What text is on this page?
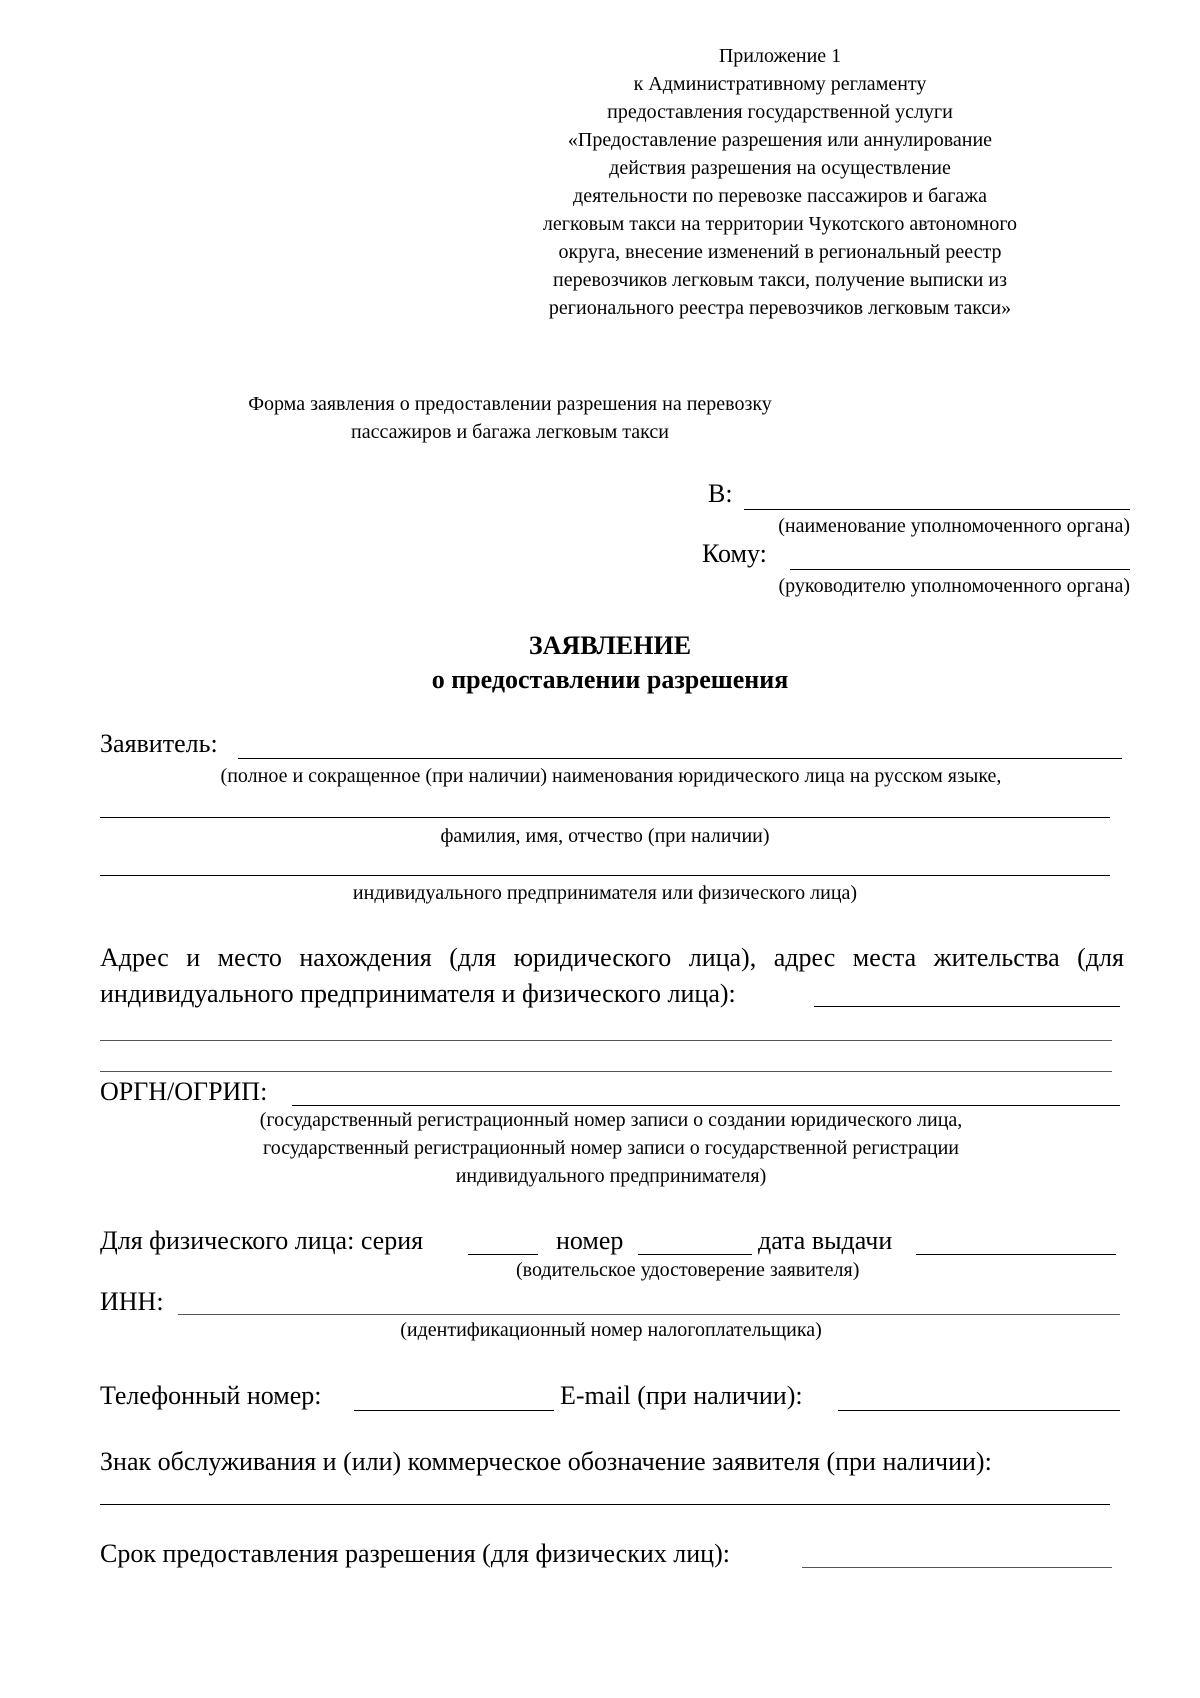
Приложение 1
к Административному регламенту
предоставления государственной услуги
«Предоставление разрешения или аннулирование
действия разрешения на осуществление
деятельности по перевозке пассажиров и багажа
легковым такси на территории Чукотского автономного
округа, внесение изменений в региональный реестр
перевозчиков легковым такси, получение выписки из
регионального реестра перевозчиков легковым такси»
Форма заявления о предоставлении разрешения на перевозку
пассажиров и багажа легковым такси
В:
(наименование уполномоченного органа)
Кому:
(руководителю уполномоченного органа)
ЗАЯВЛЕНИЕ
о предоставлении разрешения
Заявитель:
(полное и сокращенное (при наличии) наименования юридического лица на русском языке,
фамилия, имя, отчество (при наличии)
индивидуального предпринимателя или физического лица)
Адрес и место нахождения (для юридического лица), адрес места жительства (для
индивидуального предпринимателя и физического лица):
ОРГН/ОГРИП:
(государственный регистрационный номер записи о создании юридического лица,
государственный регистрационный номер записи о государственной регистрации
индивидуального предпринимателя)
Для физического лица: серия	номер	дата выдачи
(водительское удостоверение заявителя)
ИНН:
(идентификационный номер налогоплательщика)
Телефонный номер:	E-mail (при наличии):
Знак обслуживания и (или) коммерческое обозначение заявителя (при наличии):
Срок предоставления разрешения (для физических лиц):
